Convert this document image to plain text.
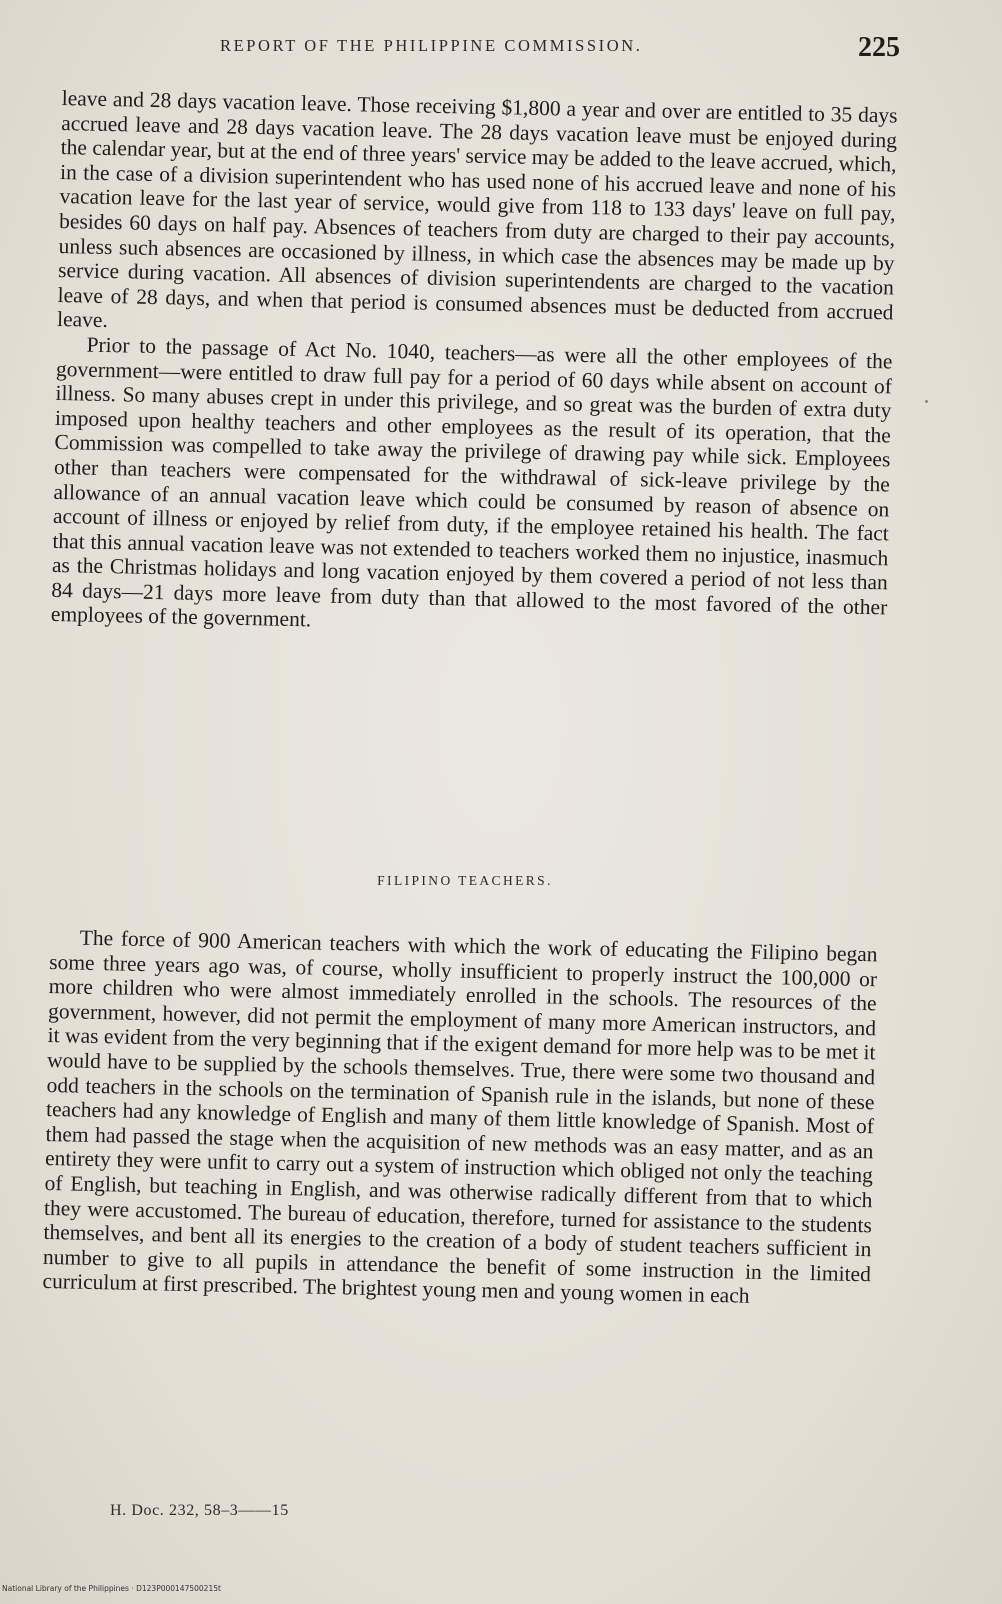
REPORT OF THE PHILIPPINE COMMISSION.	225

leave and 28 days vacation leave. Those receiving $1,800 a year and over are entitled to 35 days accrued leave and 28 days vacation leave. The 28 days vacation leave must be enjoyed during the calendar year, but at the end of three years' service may be added to the leave accrued, which, in the case of a division superintendent who has used none of his accrued leave and none of his vacation leave for the last year of service, would give from 118 to 133 days' leave on full pay, besides 60 days on half pay. Absences of teachers from duty are charged to their pay accounts, unless such absences are occasioned by illness, in which case the absences may be made up by service during vacation. All absences of division superintendents are charged to the vacation leave of 28 days, and when that period is consumed absences must be deducted from accrued leave.

Prior to the passage of Act No. 1040, teachers—as were all the other employees of the government—were entitled to draw full pay for a period of 60 days while absent on account of illness. So many abuses crept in under this privilege, and so great was the burden of extra duty imposed upon healthy teachers and other employees as the result of its operation, that the Commission was compelled to take away the privilege of drawing pay while sick. Employees other than teachers were compensated for the withdrawal of sick-leave privilege by the allowance of an annual vacation leave which could be consumed by reason of absence on account of illness or enjoyed by relief from duty, if the employee retained his health. The fact that this annual vacation leave was not extended to teachers worked them no injustice, inasmuch as the Christmas holidays and long vacation enjoyed by them covered a period of not less than 84 days—21 days more leave from duty than that allowed to the most favored of the other employees of the government.

FILIPINO TEACHERS.

The force of 900 American teachers with which the work of educating the Filipino began some three years ago was, of course, wholly insufficient to properly instruct the 100,000 or more children who were almost immediately enrolled in the schools. The resources of the government, however, did not permit the employment of many more American instructors, and it was evident from the very beginning that if the exigent demand for more help was to be met it would have to be supplied by the schools themselves. True, there were some two thousand and odd teachers in the schools on the termination of Spanish rule in the islands, but none of these teachers had any knowledge of English and many of them little knowledge of Spanish. Most of them had passed the stage when the acquisition of new methods was an easy matter, and as an entirety they were unfit to carry out a system of instruction which obliged not only the teaching of English, but teaching in English, and was otherwise radically different from that to which they were accustomed. The bureau of education, therefore, turned for assistance to the students themselves, and bent all its energies to the creation of a body of student teachers sufficient in number to give to all pupils in attendance the benefit of some instruction in the limited curriculum at first prescribed. The brightest young men and young women in each

H. Doc. 232, 58–3——15
National Library of the Philippines · D123P000147500215t
